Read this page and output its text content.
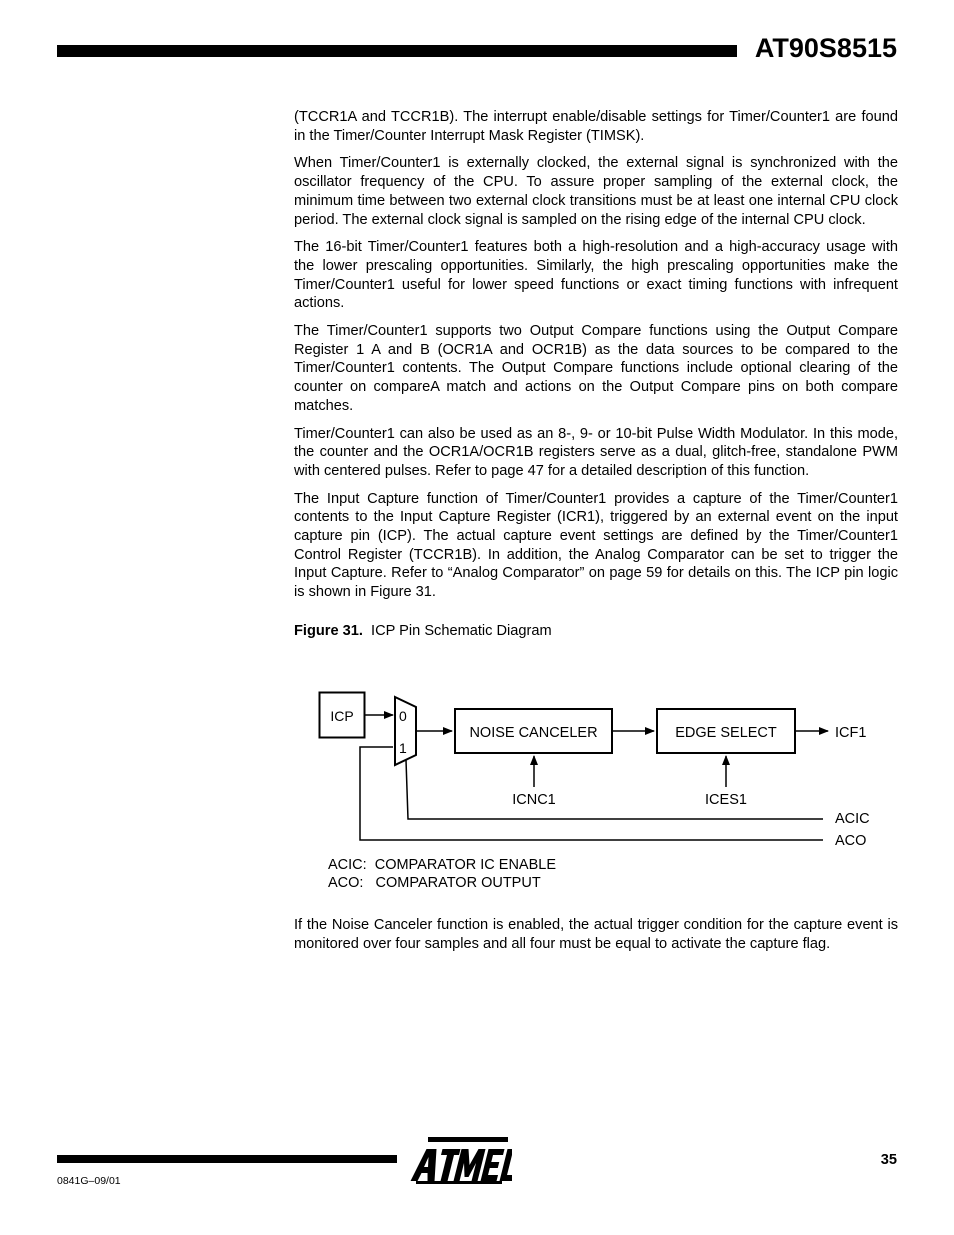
AT90S8515

(TCCR1A and TCCR1B). The interrupt enable/disable settings for Timer/Counter1 are found in the Timer/Counter Interrupt Mask Register (TIMSK).

When Timer/Counter1 is externally clocked, the external signal is synchronized with the oscillator frequency of the CPU. To assure proper sampling of the external clock, the minimum time between two external clock transitions must be at least one internal CPU clock period. The external clock signal is sampled on the rising edge of the internal CPU clock.

The 16-bit Timer/Counter1 features both a high-resolution and a high-accuracy usage with the lower prescaling opportunities. Similarly, the high prescaling opportunities make the Timer/Counter1 useful for lower speed functions or exact timing functions with infrequent actions.

The Timer/Counter1 supports two Output Compare functions using the Output Compare Register 1 A and B (OCR1A and OCR1B) as the data sources to be compared to the Timer/Counter1 contents. The Output Compare functions include optional clearing of the counter on compareA match and actions on the Output Compare pins on both compare matches.

Timer/Counter1 can also be used as an 8-, 9- or 10-bit Pulse Width Modulator. In this mode, the counter and the OCR1A/OCR1B registers serve as a dual, glitch-free, standalone PWM with centered pulses. Refer to page 47 for a detailed description of this function.

The Input Capture function of Timer/Counter1 provides a capture of the Timer/Counter1 contents to the Input Capture Register (ICR1), triggered by an external event on the input capture pin (ICP). The actual capture event settings are defined by the Timer/Counter1 Control Register (TCCR1B). In addition, the Analog Comparator can be set to trigger the Input Capture. Refer to “Analog Comparator” on page 59 for details on this. The ICP pin logic is shown in Figure 31.

Figure 31. ICP Pin Schematic Diagram
ICP	0
1
NOISE CANCELER	EDGE SELECT	ICF1
ICNC1	ICES1
ACIC
ACO
ACIC:  COMPARATOR IC ENABLE
ACO:   COMPARATOR OUTPUT

If the Noise Canceler function is enabled, the actual trigger condition for the capture event is monitored over four samples and all four must be equal to activate the capture flag.

35
0841G–09/01
